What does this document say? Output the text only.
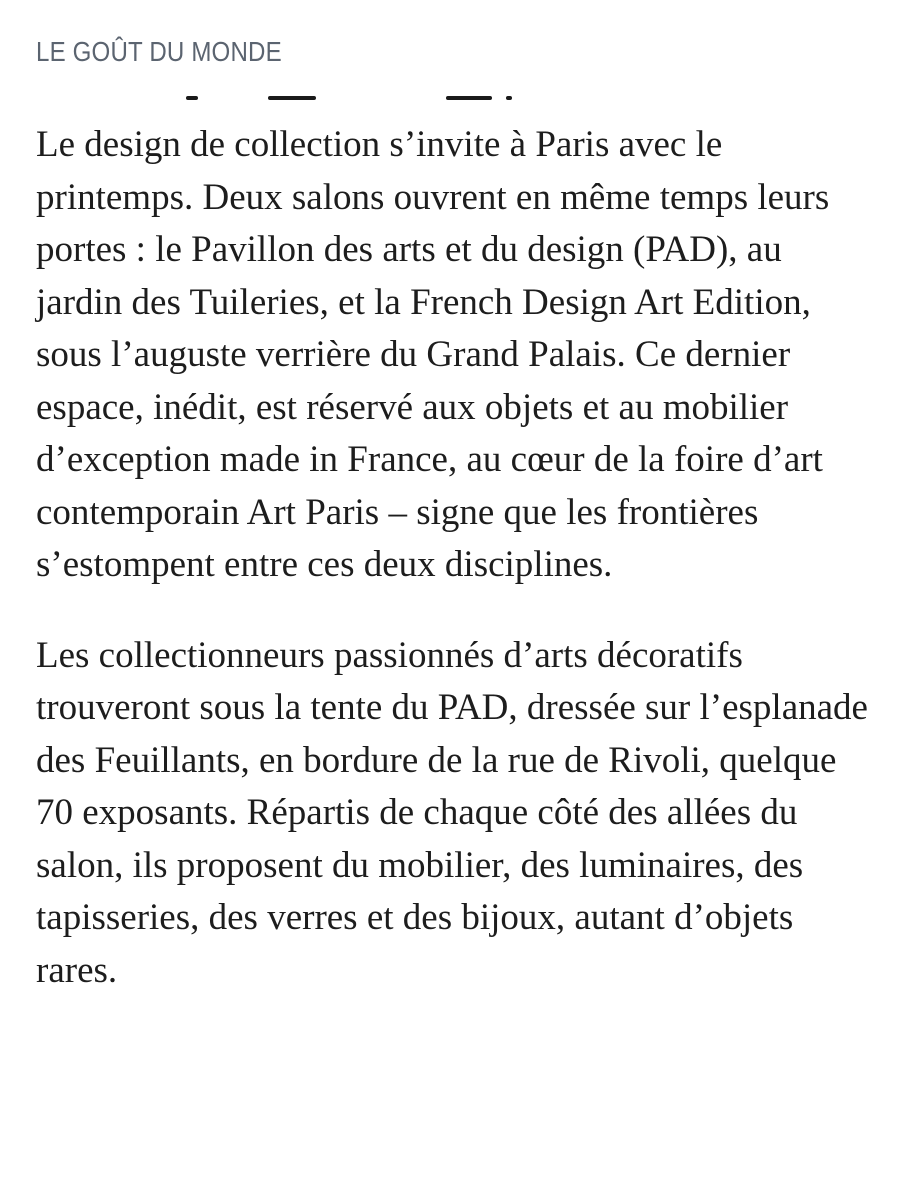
LE GOÛT DU MONDE

Le design de collection s’invite à Paris avec le printemps. Deux salons ouvrent en même temps leurs portes : le Pavillon des arts et du design (PAD), au jardin des Tuileries, et la French Design Art Edition, sous l’auguste verrière du Grand Palais. Ce dernier espace, inédit, est réservé aux objets et au mobilier d’exception made in France, au cœur de la foire d’art contemporain Art Paris – signe que les frontières s’estompent entre ces deux disciplines.

Les collectionneurs passionnés d’arts décoratifs trouveront sous la tente du PAD, dressée sur l’esplanade des Feuillants, en bordure de la rue de Rivoli, quelque 70 exposants. Répartis de chaque côté des allées du salon, ils proposent du mobilier, des luminaires, des tapisseries, des verres et des bijoux, autant d’objets rares.
